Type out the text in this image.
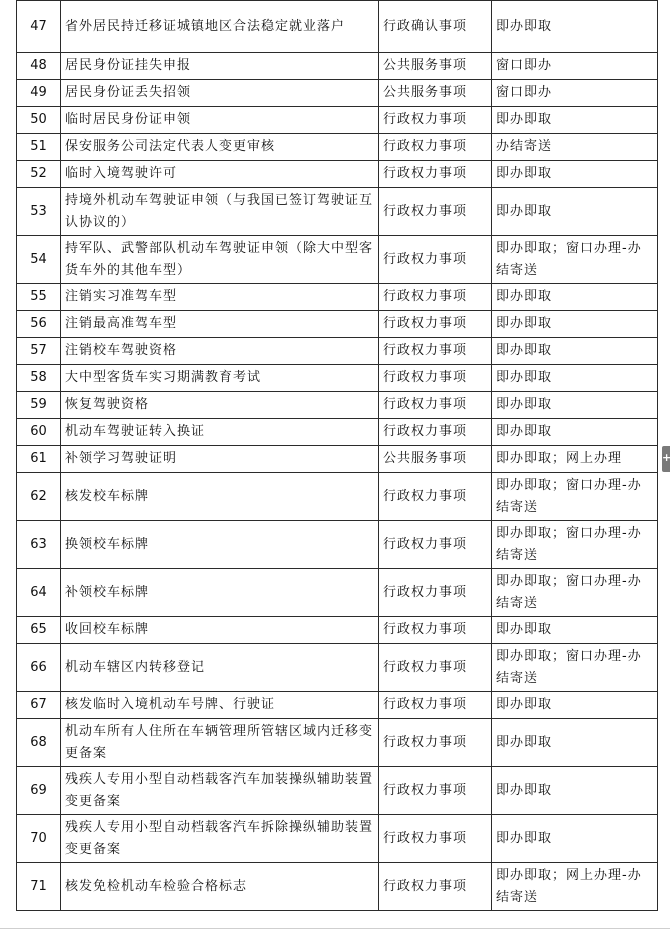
47	省外居民持迁移证城镇地区合法稳定就业落户	行政确认事项	即办即取
48	居民身份证挂失申报	公共服务事项	窗口即办
49	居民身份证丢失招领	公共服务事项	窗口即办
50	临时居民身份证申领	行政权力事项	即办即取
51	保安服务公司法定代表人变更审核	行政权力事项	办结寄送
52	临时入境驾驶许可	行政权力事项	即办即取
53	持境外机动车驾驶证申领（与我国已签订驾驶证互认协议的）	行政权力事项	即办即取
54	持军队、武警部队机动车驾驶证申领（除大中型客货车外的其他车型）	行政权力事项	即办即取；窗口办理-办结寄送
55	注销实习准驾车型	行政权力事项	即办即取
56	注销最高准驾车型	行政权力事项	即办即取
57	注销校车驾驶资格	行政权力事项	即办即取
58	大中型客货车实习期满教育考试	行政权力事项	即办即取
59	恢复驾驶资格	行政权力事项	即办即取
60	机动车驾驶证转入换证	行政权力事项	即办即取
61	补领学习驾驶证明	公共服务事项	即办即取；网上办理
62	核发校车标牌	行政权力事项	即办即取；窗口办理-办结寄送
63	换领校车标牌	行政权力事项	即办即取；窗口办理-办结寄送
64	补领校车标牌	行政权力事项	即办即取；窗口办理-办结寄送
65	收回校车标牌	行政权力事项	即办即取
66	机动车辖区内转移登记	行政权力事项	即办即取；窗口办理-办结寄送
67	核发临时入境机动车号牌、行驶证	行政权力事项	即办即取
68	机动车所有人住所在车辆管理所管辖区域内迁移变更备案	行政权力事项	即办即取
69	残疾人专用小型自动档载客汽车加装操纵辅助装置变更备案	行政权力事项	即办即取
70	残疾人专用小型自动档载客汽车拆除操纵辅助装置变更备案	行政权力事项	即办即取
71	核发免检机动车检验合格标志	行政权力事项	即办即取；网上办理-办结寄送
+
